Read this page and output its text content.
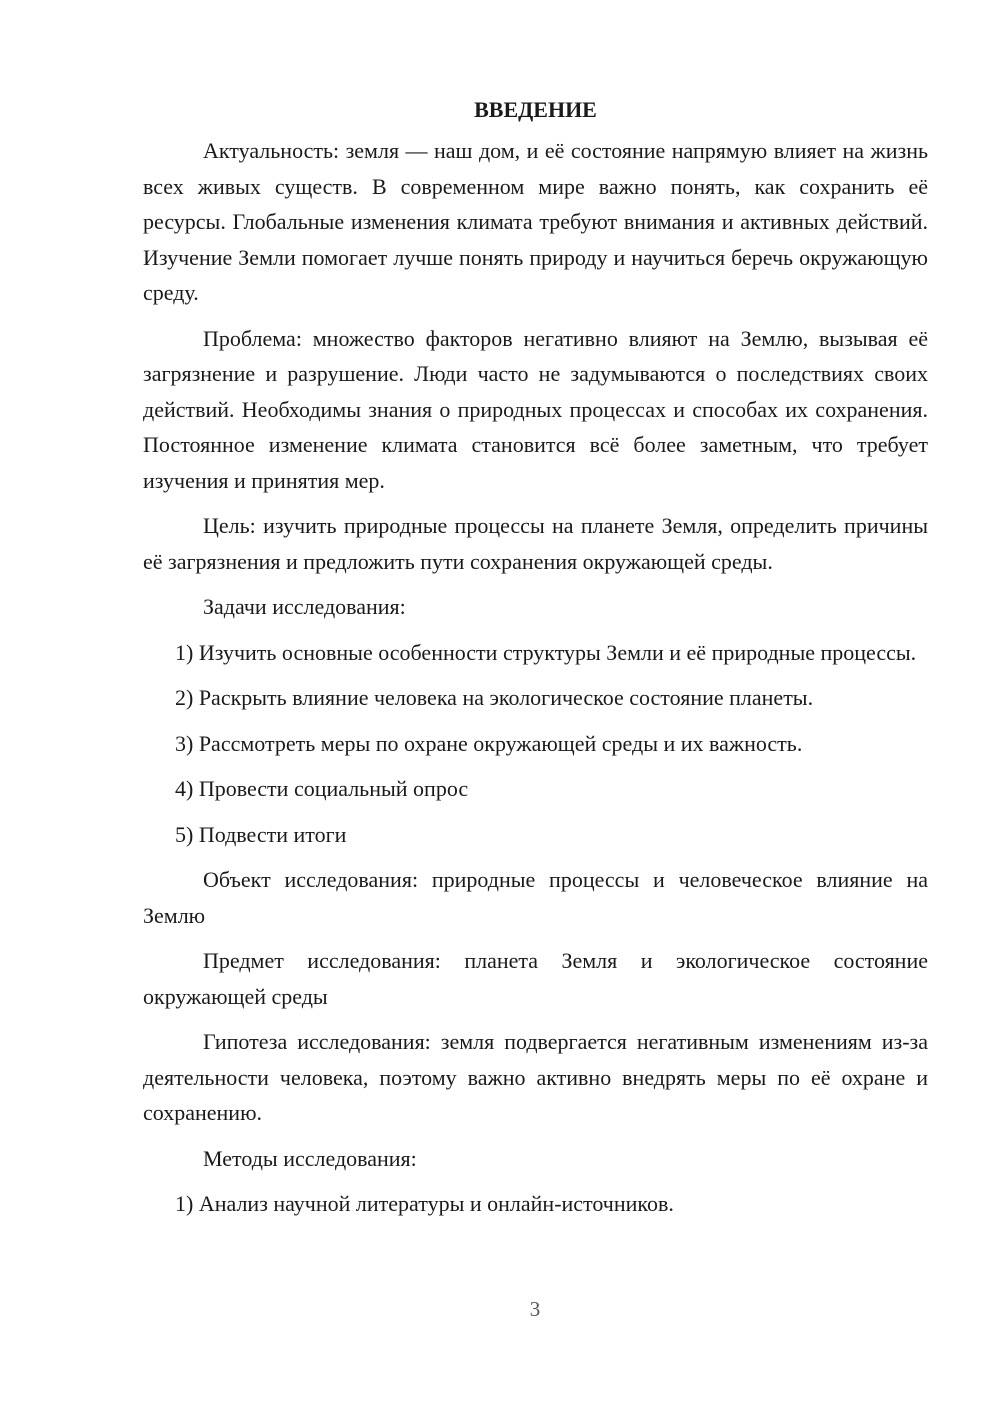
ВВЕДЕНИЕ

Актуальность: земля — наш дом, и её состояние напрямую влияет на жизнь всех живых существ. В современном мире важно понять, как сохранить её ресурсы. Глобальные изменения климата требуют внимания и активных действий. Изучение Земли помогает лучше понять природу и научиться беречь окружающую среду.

Проблема: множество факторов негативно влияют на Землю, вызывая её загрязнение и разрушение. Люди часто не задумываются о последствиях своих действий. Необходимы знания о природных процессах и способах их сохранения. Постоянное изменение климата становится всё более заметным, что требует изучения и принятия мер.

Цель: изучить природные процессы на планете Земля, определить причины её загрязнения и предложить пути сохранения окружающей среды.

Задачи исследования:

1) Изучить основные особенности структуры Земли и её природные процессы.

2) Раскрыть влияние человека на экологическое состояние планеты.

3) Рассмотреть меры по охране окружающей среды и их важность.

4) Провести социальный опрос

5) Подвести итоги

Объект исследования: природные процессы и человеческое влияние на Землю

Предмет исследования: планета Земля и экологическое состояние окружающей среды

Гипотеза исследования: земля подвергается негативным изменениям из-за деятельности человека, поэтому важно активно внедрять меры по её охране и сохранению.

Методы исследования:

1) Анализ научной литературы и онлайн-источников.

3
